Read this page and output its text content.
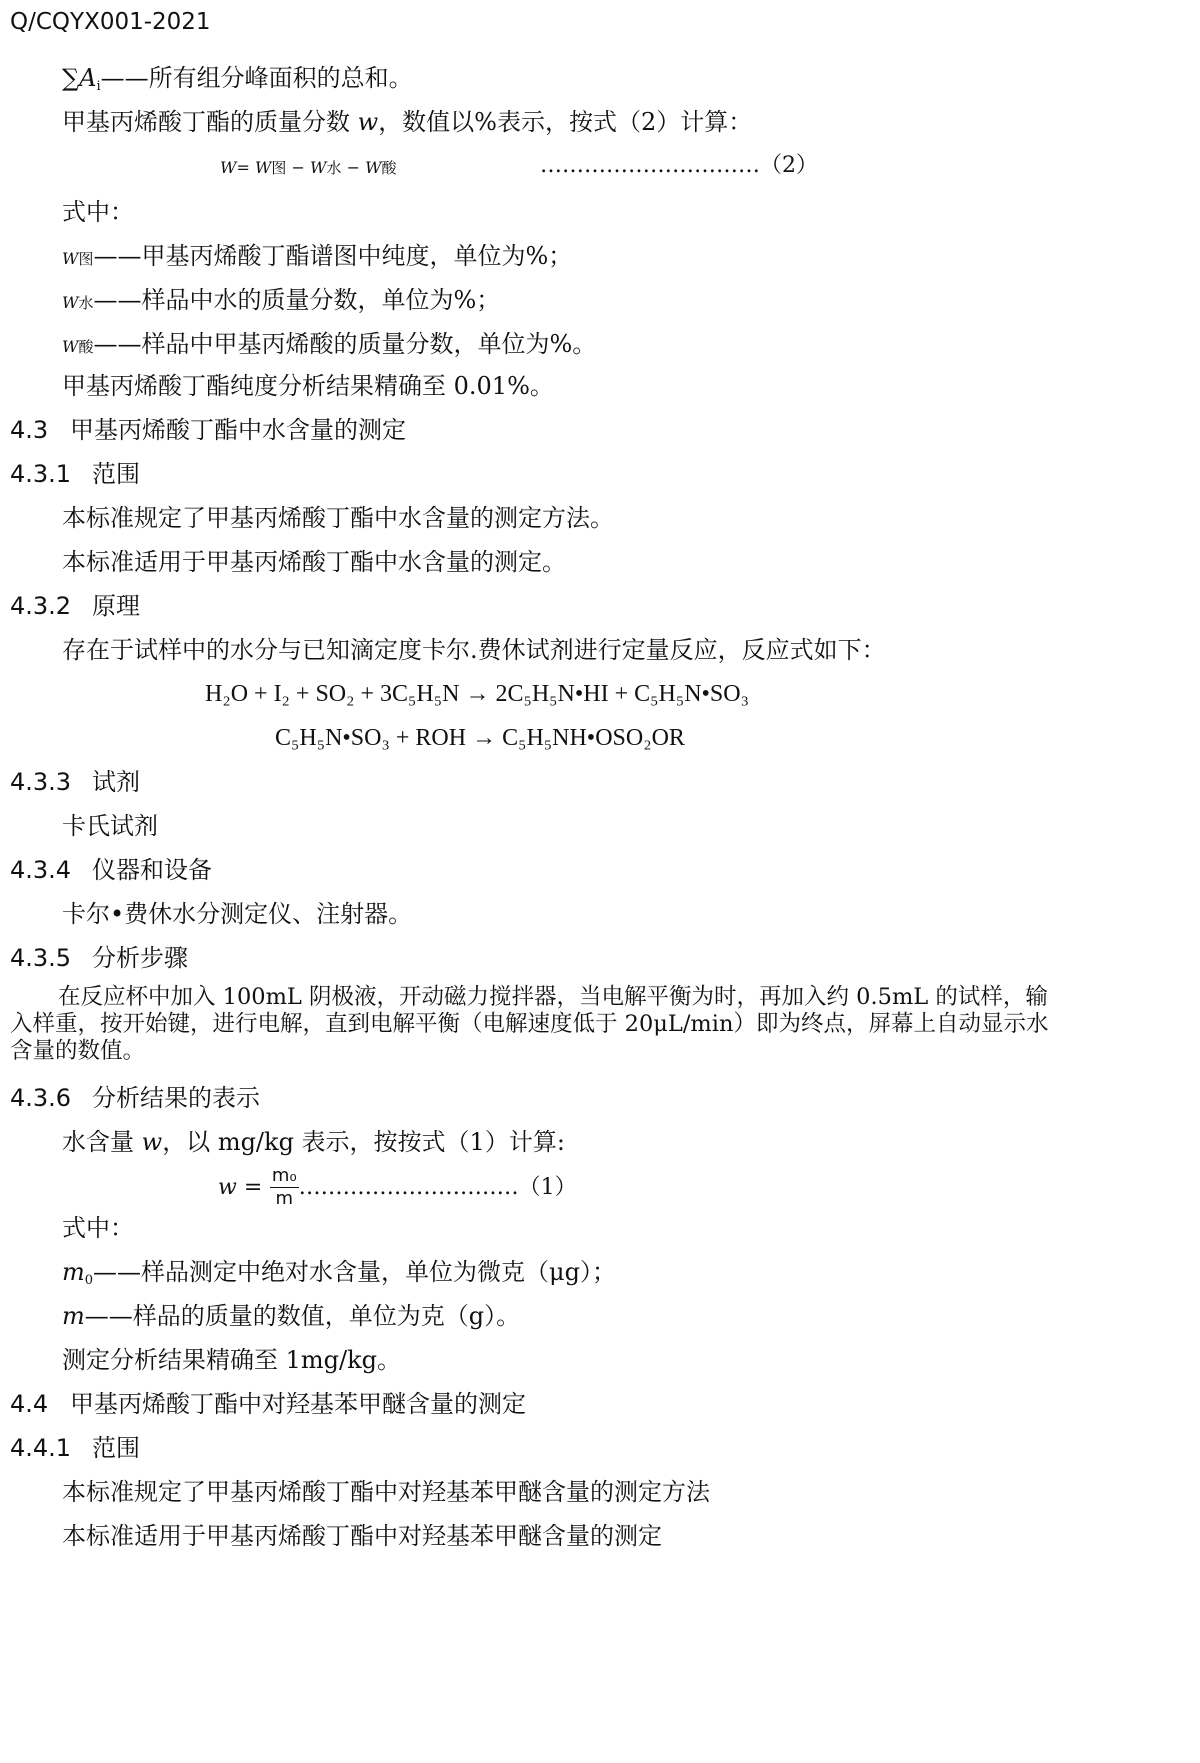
Q/CQYX001-2021
$\sum A_i——$所有组分峰面积的总和。
甲基丙烯酸丁酯的质量分数 w，数值以%表示，按式（2）计算：
W= W图 − W水 − W酸	…………………………（2）
式中：
W图——甲基丙烯酸丁酯谱图中纯度，单位为%；
W水——样品中水的质量分数，单位为%；
W酸——样品中甲基丙烯酸的质量分数，单位为%。
甲基丙烯酸丁酯纯度分析结果精确至 0.01%。
4.3 甲基丙烯酸丁酯中水含量的测定
4.3.1 范围
本标准规定了甲基丙烯酸丁酯中水含量的测定方法。
本标准适用于甲基丙烯酸丁酯中水含量的测定。
4.3.2 原理
存在于试样中的水分与已知滴定度卡尔.费休试剂进行定量反应，反应式如下：
H₂O + I₂ + SO₂ + 3C₅H₅N → 2C₅H₅N•HI + C₅H₅N•SO₃
C₅H₅N•SO₃ + ROH → C₅H₅NH•OSO₂OR
4.3.3 试剂
卡氏试剂
4.3.4 仪器和设备
卡尔•费休水分测定仪、注射器。
4.3.5 分析步骤
在反应杯中加入 100mL 阴极液，开动磁力搅拌器，当电解平衡为时，再加入约 0.5mL 的试样，输入样重，按开始键，进行电解，直到电解平衡（电解速度低于 20μL/min）即为终点，屏幕上自动显示水含量的数值。
4.3.6 分析结果的表示
水含量 w，以 mg/kg 表示，按按式（1）计算:
$w = \frac{\text{m₀}}{m}$ …………………………（1）
式中：
$m_0——$样品测定中绝对水含量，单位为微克（μg）；
m——样品的质量的数值，单位为克（g）。
测定分析结果精确至 1mg/kg。
4.4 甲基丙烯酸丁酯中对羟基苯甲醚含量的测定
4.4.1 范围
本标准规定了甲基丙烯酸丁酯中对羟基苯甲醚含量的测定方法
本标准适用于甲基丙烯酸丁酯中对羟基苯甲醚含量的测定
